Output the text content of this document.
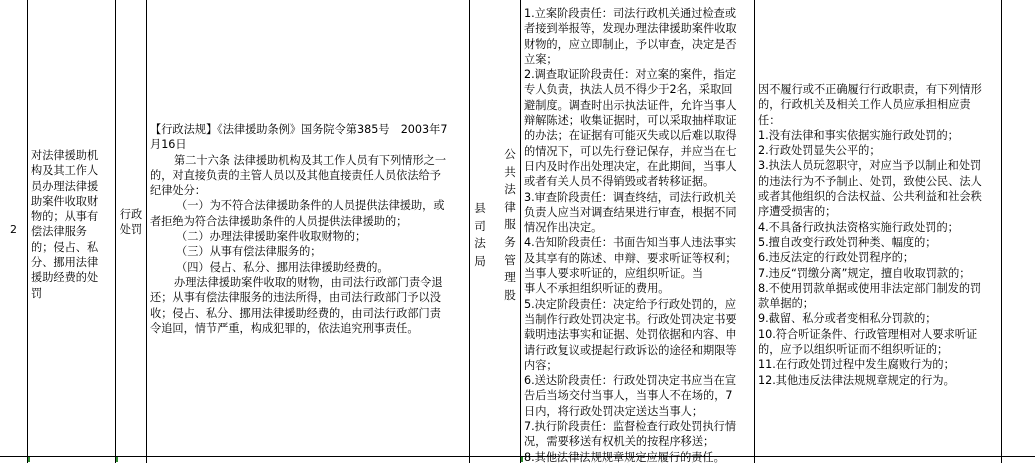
2
对法律援助机
构及其工作人
员办理法律援
助案件收取财
物的；从事有
偿法律服务
的；侵占、私
分、挪用法律
援助经费的处
罚
行政
处罚
【行政法规】《法律援助条例》国务院令第385号　2003年7
月16日
第二十六条 法律援助机构及其工作人员有下列情形之一
的，对直接负责的主管人员以及其他直接责任人员依法给予
纪律处分：
（一）为不符合法律援助条件的人员提供法律援助，或
者拒绝为符合法律援助条件的人员提供法律援助的；
（二）办理法律援助案件收取财物的；
（三）从事有偿法律服务的；
（四）侵占、私分、挪用法律援助经费的。
办理法律援助案件收取的财物，由司法行政部门责令退
还；从事有偿法律服务的违法所得，由司法行政部门予以没
收；侵占、私分、挪用法律援助经费的，由司法行政部门责
令追回，情节严重，构成犯罪的，依法追究刑事责任。
县
司
法
局
公
共
法
律
服
务
管
理
股
1.立案阶段责任：司法行政机关通过检查或
者接到举报等，发现办理法律援助案件收取
财物的，应立即制止，予以审查，决定是否
立案；
2.调查取证阶段责任：对立案的案件，指定
专人负责，执法人员不得少于2名，采取回
避制度。调查时出示执法证件，允许当事人
辩解陈述；收集证据时，可以采取抽样取证
的办法；在证据有可能灭失或以后难以取得
的情况下，可以先行登记保存，并应当在七
日内及时作出处理决定，在此期间，当事人
或者有关人员不得销毁或者转移证据。
3.审查阶段责任：调查终结，司法行政机关
负责人应当对调查结果进行审查，根据不同
情况作出决定。
4.告知阶段责任：书面告知当事人违法事实
及其享有的陈述、申辩、要求听证等权利；
当事人要求听证的，应组织听证。当
事人不承担组织听证的费用。
5.决定阶段责任：决定给予行政处罚的，应
当制作行政处罚决定书。行政处罚决定书要
载明违法事实和证据、处罚依据和内容、申
请行政复议或提起行政诉讼的途径和期限等
内容；
6.送达阶段责任：行政处罚决定书应当在宣
告后当场交付当事人，当事人不在场的，7
日内，将行政处罚决定送达当事人；
7.执行阶段责任：监督检查行政处罚执行情
况，需要移送有权机关的按程序移送；
8.其他法律法规规章规定应履行的责任。
因不履行或不正确履行行政职责，有下列情形
的，行政机关及相关工作人员应承担相应责
任：
1.没有法律和事实依据实施行政处罚的；
2.行政处罚显失公平的；
3.执法人员玩忽职守，对应当予以制止和处罚
的违法行为不予制止、处罚，致使公民、法人
或者其他组织的合法权益、公共利益和社会秩
序遭受损害的；
4.不具备行政执法资格实施行政处罚的；
5.擅自改变行政处罚种类、幅度的；
6.违反法定的行政处罚程序的；
7.违反“罚缴分离”规定，擅自收取罚款的；
8.不使用罚款单据或使用非法定部门制发的罚
款单据的；
9.截留、私分或者变相私分罚款的；
10.符合听证条件、行政管理相对人要求听证
的，应予以组织听证而不组织听证的；
11.在行政处罚过程中发生腐败行为的；
12.其他违反法律法规规章规定的行为。
